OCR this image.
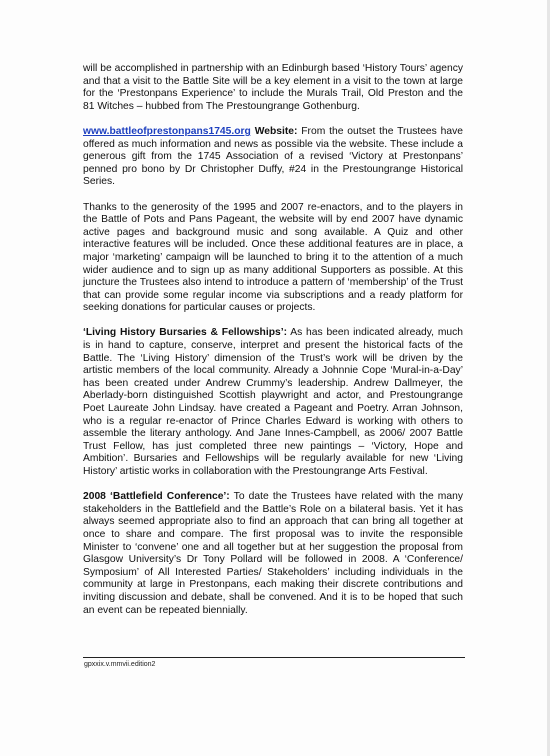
will be accomplished in partnership with an Edinburgh based ‘History Tours’ agency and that a visit to the Battle Site will be a key element in a visit to the town at large for the ‘Prestonpans Experience’ to include the Murals Trail, Old Preston and the 81 Witches – hubbed from The Prestoungrange Gothenburg.

www.battleofprestonpans1745.org Website: From the outset the Trustees have offered as much information and news as possible via the website. These include a generous gift from the 1745 Association of a revised ‘Victory at Prestonpans’ penned pro bono by Dr Christopher Duffy, #24 in the Prestoungrange Historical Series.

Thanks to the generosity of the 1995 and 2007 re-enactors, and to the players in the Battle of Pots and Pans Pageant, the website will by end 2007 have dynamic active pages and background music and song available. A Quiz and other interactive features will be included. Once these additional features are in place, a major ‘marketing’ campaign will be launched to bring it to the attention of a much wider audience and to sign up as many additional Supporters as possible. At this juncture the Trustees also intend to introduce a pattern of ‘membership’ of the Trust that can provide some regular income via subscriptions and a ready platform for seeking donations for particular causes or projects.

‘Living History Bursaries & Fellowships’: As has been indicated already, much is in hand to capture, conserve, interpret and present the historical facts of the Battle. The ‘Living History’ dimension of the Trust’s work will be driven by the artistic members of the local community. Already a Johnnie Cope ‘Mural-in-a-Day’ has been created under Andrew Crummy’s leadership. Andrew Dallmeyer, the Aberlady-born distinguished Scottish playwright and actor, and Prestoungrange Poet Laureate John Lindsay. have created a Pageant and Poetry. Arran Johnson, who is a regular re-enactor of Prince Charles Edward is working with others to assemble the literary anthology. And Jane Innes-Campbell, as 2006/ 2007 Battle Trust Fellow, has just completed three new paintings – ‘Victory, Hope and Ambition’. Bursaries and Fellowships will be regularly available for new ‘Living History’ artistic works in collaboration with the Prestoungrange Arts Festival.

2008 ‘Battlefield Conference’: To date the Trustees have related with the many stakeholders in the Battlefield and the Battle’s Role on a bilateral basis. Yet it has always seemed appropriate also to find an approach that can bring all together at once to share and compare. The first proposal was to invite the responsible Minister to ‘convene’ one and all together but at her suggestion the proposal from Glasgow University’s Dr Tony Pollard will be followed in 2008. A ‘Conference/ Symposium’ of All Interested Parties/ Stakeholders’ including individuals in the community at large in Prestonpans, each making their discrete contributions and inviting discussion and debate, shall be convened. And it is to be hoped that such an event can be repeated biennially.

gpxxix.v.mmvii.edition2
